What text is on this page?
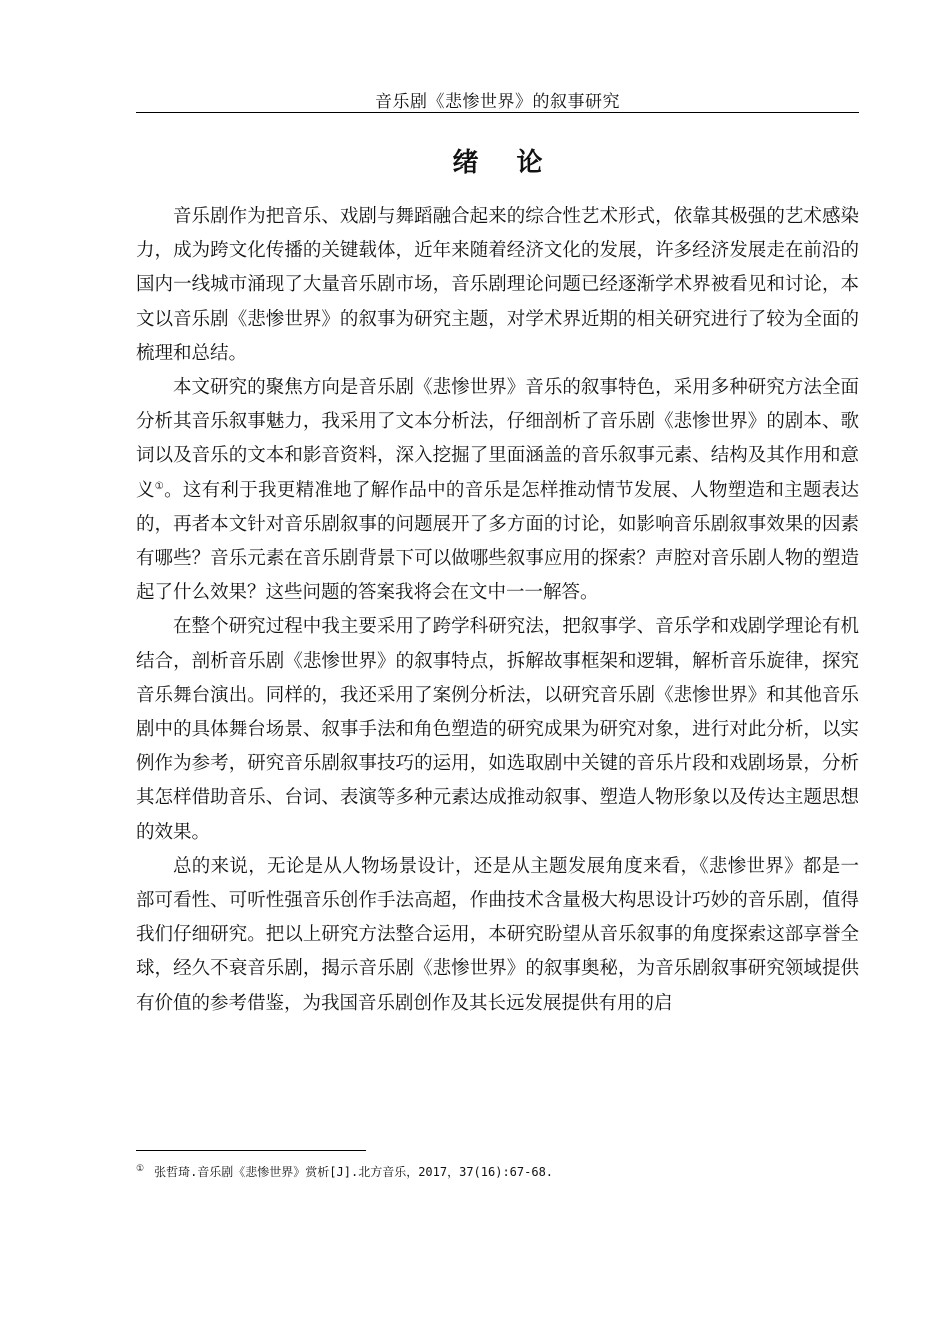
音乐剧《悲惨世界》的叙事研究
绪论

音乐剧作为把音乐、戏剧与舞蹈融合起来的综合性艺术形式，依靠其极强的艺术感染力，成为跨文化传播的关键载体，近年来随着经济文化的发展，许多经济发展走在前沿的国内一线城市涌现了大量音乐剧市场，音乐剧理论问题已经逐渐学术界被看见和讨论，本文以音乐剧《悲惨世界》的叙事为研究主题，对学术界近期的相关研究进行了较为全面的梳理和总结。

本文研究的聚焦方向是音乐剧《悲惨世界》音乐的叙事特色，采用多种研究方法全面分析其音乐叙事魅力，我采用了文本分析法，仔细剖析了音乐剧《悲惨世界》的剧本、歌词以及音乐的文本和影音资料，深入挖掘了里面涵盖的音乐叙事元素、结构及其作用和意义①。这有利于我更精准地了解作品中的音乐是怎样推动情节发展、人物塑造和主题表达的，再者本文针对音乐剧叙事的问题展开了多方面的讨论，如影响音乐剧叙事效果的因素有哪些？音乐元素在音乐剧背景下可以做哪些叙事应用的探索？声腔对音乐剧人物的塑造起了什么效果？这些问题的答案我将会在文中一一解答。

在整个研究过程中我主要采用了跨学科研究法，把叙事学、音乐学和戏剧学理论有机结合，剖析音乐剧《悲惨世界》的叙事特点，拆解故事框架和逻辑，解析音乐旋律，探究音乐舞台演出。同样的，我还采用了案例分析法，以研究音乐剧《悲惨世界》和其他音乐剧中的具体舞台场景、叙事手法和角色塑造的研究成果为研究对象，进行对此分析，以实例作为参考，研究音乐剧叙事技巧的运用，如选取剧中关键的音乐片段和戏剧场景，分析其怎样借助音乐、台词、表演等多种元素达成推动叙事、塑造人物形象以及传达主题思想的效果。

总的来说，无论是从人物场景设计，还是从主题发展角度来看，《悲惨世界》都是一部可看性、可听性强音乐创作手法高超，作曲技术含量极大构思设计巧妙的音乐剧，值得我们仔细研究。把以上研究方法整合运用，本研究盼望从音乐叙事的角度探索这部享誉全球，经久不衰音乐剧，揭示音乐剧《悲惨世界》的叙事奥秘，为音乐剧叙事研究领域提供有价值的参考借鉴，为我国音乐剧创作及其长远发展提供有用的启

① 张哲琦.音乐剧《悲惨世界》赏析[J].北方音乐，2017，37(16):67-68.
